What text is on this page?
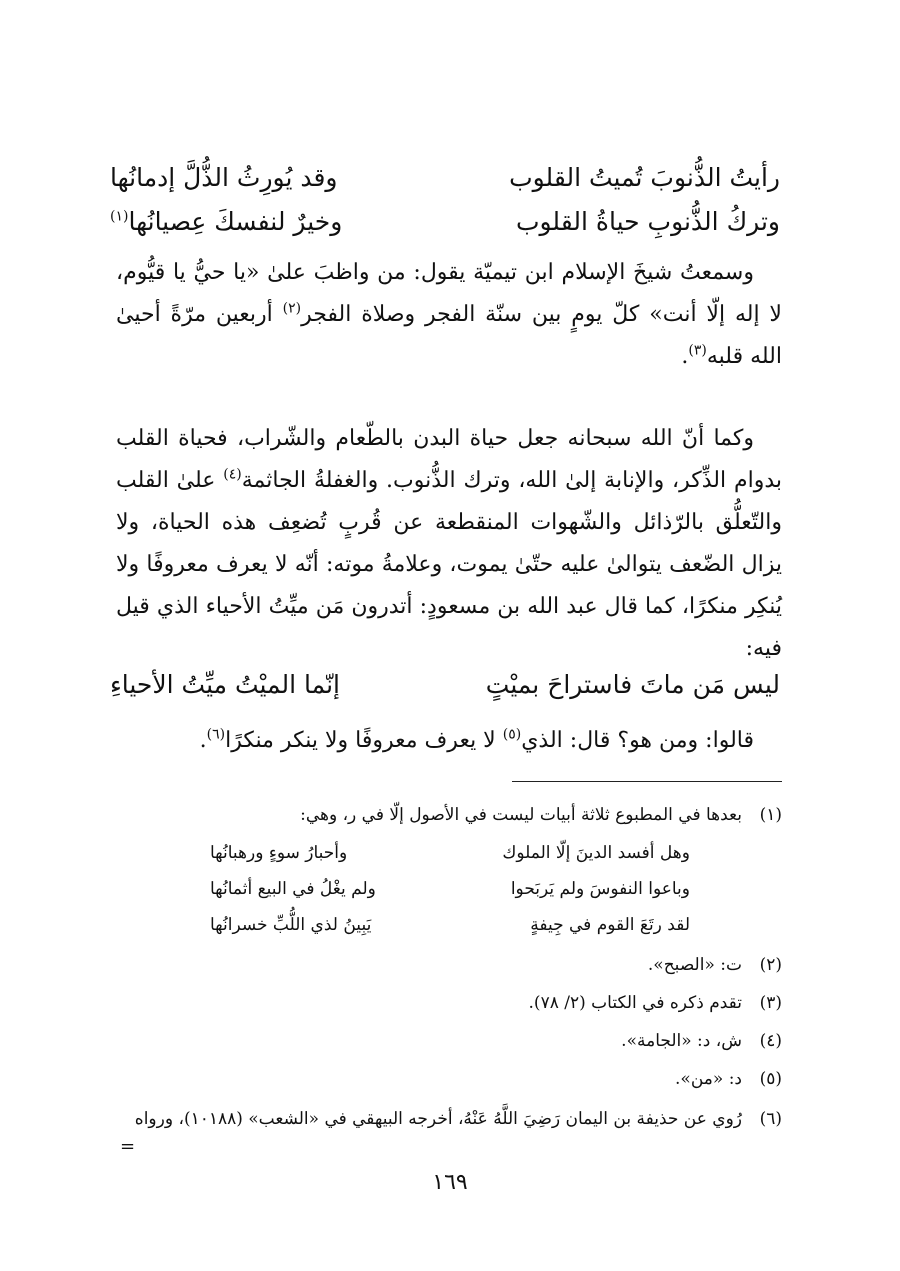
رأيتُ الذُّنوبَ تُميتُ القلوب
وقد يُورِثُ الذُّلَّ إدمانُها
وتركُ الذُّنوبِ حياةُ القلوب
وخيرٌ لنفسكَ عِصيانُها$^{(١)}$

وسمعتُ شيخَ الإسلام ابن تيميّة يقول: من واظبَ علىٰ «يا حيُّ يا قيُّوم، لا إله إلّا أنت» كلّ يومٍ بين سنّة الفجر وصلاة الفجر$^{(٢)}$ أربعين مرّةً أحيىٰ الله قلبه$^{(٣)}$.

وكما أنّ الله سبحانه جعل حياة البدن بالطّعام والشّراب، فحياة القلب بدوام الذِّكر، والإنابة إلىٰ الله، وترك الذُّنوب. والغفلةُ الجاثمة$^{(٤)}$ علىٰ القلب والتّعلُّق بالرّذائل والشّهوات المنقطعة عن قُربٍ تُضعِف هذه الحياة، ولا يزال الضّعف يتوالىٰ عليه حتّىٰ يموت، وعلامةُ موته: أنّه لا يعرف معروفًا ولا يُنكِر منكرًا، كما قال عبد الله بن مسعودٍ: أتدرون مَن ميِّتُ الأحياء الذي قيل فيه:

ليس مَن ماتَ فاستراحَ بميْتٍ
إنّما الميْتُ ميِّتُ الأحياءِ

قالوا: ومن هو؟ قال: الذي$^{(٥)}$ لا يعرف معروفًا ولا ينكر منكرًا$^{(٦)}$.

(١)بعدها في المطبوع ثلاثة أبيات ليست في الأصول إلّا في ر، وهي:
وهل أفسد الدينَ إلّا الملوك
وأحبارُ سوءٍ ورهبانُها
وباعوا النفوسَ ولم يَربَحوا
ولم يغْلُ في البيع أثمانُها
لقد رتَعَ القوم في جِيفةٍ
يَبِينُ لذي اللُّبِّ خسرانُها
(٢)ت: «الصبح».
(٣)تقدم ذكره في الكتاب (٢/ ٧٨).
(٤)ش، د: «الجامة».
(٥)د: «من».
(٦)رُوي عن حذيفة بن اليمان رَضِيَ اللَّهُ عَنْهُ، أخرجه البيهقي في «الشعب» (١٠١٨٨)، ورواه
=
١٦٩
